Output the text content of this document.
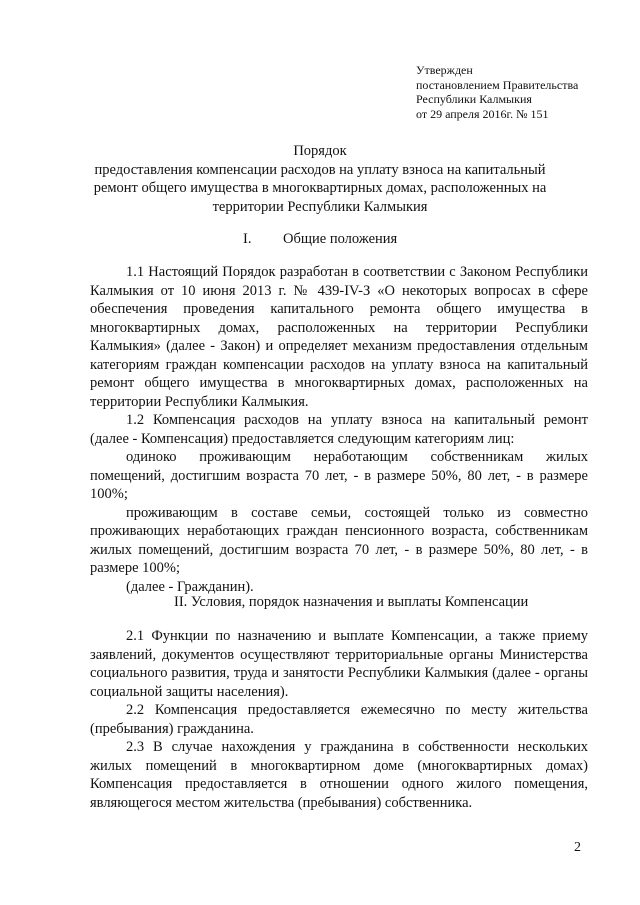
Утвержден
постановлением Правительства
Республики Калмыкия
от 29 апреля 2016г. № 151
Порядок
предоставления компенсации расходов на уплату взноса на капитальный
ремонт общего имущества в многоквартирных домах, расположенных на
территории Республики Калмыкия
I. Общие положения

1.1 Настоящий Порядок разработан в соответствии с Законом Республики Калмыкия от 10 июня 2013 г. № 439-IV-З «О некоторых вопросах в сфере обеспечения проведения капитального ремонта общего имущества в многоквартирных домах, расположенных на территории Республики Калмыкия» (далее - Закон) и определяет механизм предоставления отдельным категориям граждан компенсации расходов на уплату взноса на капитальный ремонт общего имущества в многоквартирных домах, расположенных на территории Республики Калмыкия.

1.2 Компенсация расходов на уплату взноса на капитальный ремонт (далее - Компенсация) предоставляется следующим категориям лиц:

одиноко проживающим неработающим собственникам жилых помещений, достигшим возраста 70 лет, - в размере 50%, 80 лет, - в размере 100%;

проживающим в составе семьи, состоящей только из совместно проживающих неработающих граждан пенсионного возраста, собственникам жилых помещений, достигшим возраста 70 лет, - в размере 50%, 80 лет, - в размере 100%;

(далее - Гражданин).

II. Условия, порядок назначения и выплаты Компенсации

2.1 Функции по назначению и выплате Компенсации, а также приему заявлений, документов осуществляют территориальные органы Министерства социального развития, труда и занятости Республики Калмыкия (далее - органы социальной защиты населения).

2.2 Компенсация предоставляется ежемесячно по месту жительства (пребывания) гражданина.

2.3 В случае нахождения у гражданина в собственности нескольких жилых помещений в многоквартирном доме (многоквартирных домах) Компенсация предоставляется в отношении одного жилого помещения, являющегося местом жительства (пребывания) собственника.

2
